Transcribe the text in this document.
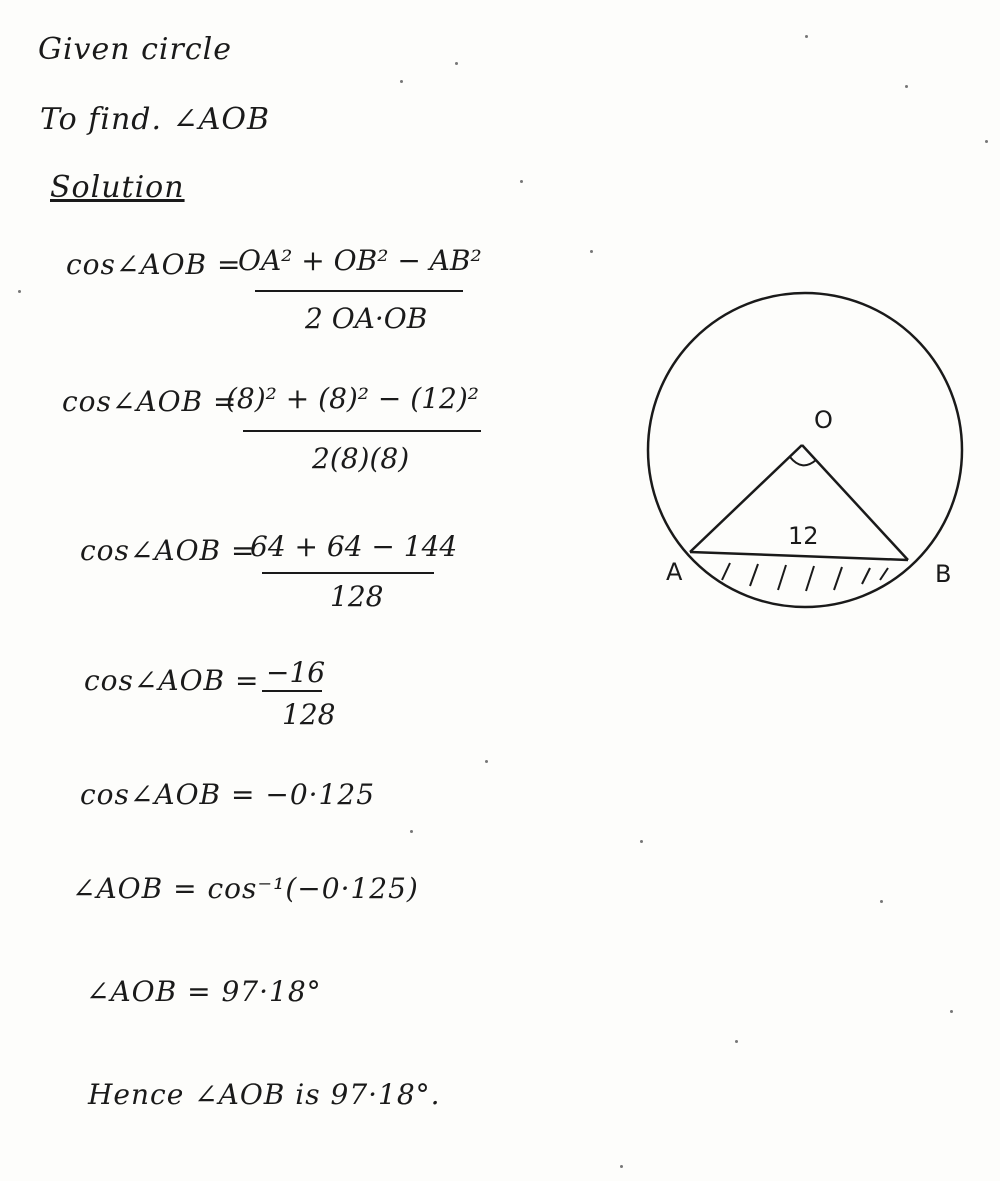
Given circle
To find. ∠AOB
Solution
cos∠AOB =
OA² + OB² − AB²
2 OA·OB
cos∠AOB =
(8)² + (8)² − (12)²
2(8)(8)
cos∠AOB =
64 + 64 − 144
128
cos∠AOB = −16
128
cos∠AOB = −0·125
∠AOB = cos⁻¹(−0·125)
∠AOB = 97·18°
Hence ∠AOB is 97·18°.
O
12
A	B
